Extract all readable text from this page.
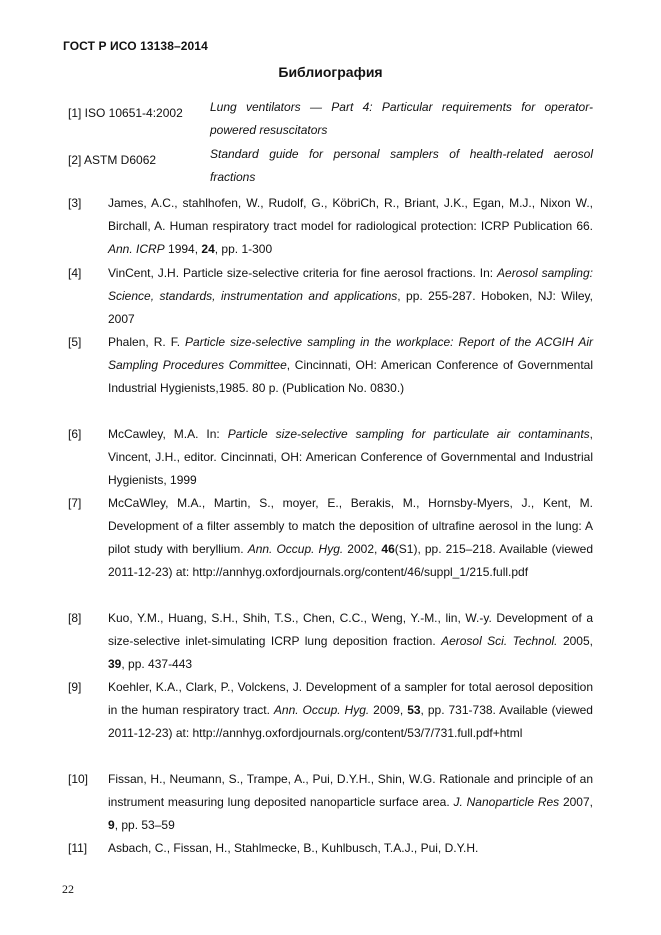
ГОСТ Р ИСО 13138–2014
Библиография
[1] ISO 10651-4:2002 Lung ventilators — Part 4: Particular requirements for operator-
powered resuscitators
[2] ASTM D6062	Standard guide for personal samplers of health-related aerosol
fractions
[3] James, A.C., stahlhofen, W., Rudolf, G., KöbriCh, R., Briant, J.K., Egan, M.J., Nixon W., Birchall, A. Human respiratory tract model for radiological protection: ICRP Publication 66. Ann. ICRP 1994, 24, pp. 1-300
[4] VinCent, J.H. Particle size-selective criteria for fine aerosol fractions. In: Aerosol sampling: Science, standards, instrumentation and applications, pp. 255-287. Hoboken, NJ: Wiley, 2007
[5] Phalen, R. F. Particle size-selective sampling in the workplace: Report of the ACGIH Air Sampling Procedures Committee, Cincinnati, OH: American Conference of Governmental Industrial Hygienists,1985. 80 p. (Publication No. 0830.)
[6] McCawley, M.A. In: Particle size-selective sampling for particulate air contaminants, Vincent, J.H., editor. Cincinnati, OH: American Conference of Governmental and Industrial Hygienists, 1999
[7] McCaWley, M.A., Martin, S., moyer, E., Berakis, M., Hornsby-Myers, J., Kent, M. Development of a filter assembly to match the deposition of ultrafine aerosol in the lung: A pilot study with beryllium. Ann. Occup. Hyg. 2002, 46(S1), pp. 215–218. Available (viewed 2011-12-23) at: http://annhyg.oxfordjournals.org/content/46/suppl_1/215.full.pdf
[8] Kuo, Y.M., Huang, S.H., Shih, T.S., Chen, C.C., Weng, Y.-M., lin, W.-y. Development of a size-selective inlet-simulating ICRP lung deposition fraction. Aerosol Sci. Technol. 2005, 39, pp. 437-443
[9] Koehler, K.A., Clark, P., Volckens, J. Development of a sampler for total aerosol deposition in the human respiratory tract. Ann. Occup. Hyg. 2009, 53, pp. 731-738. Available (viewed 2011-12-23) at: http://annhyg.oxfordjournals.org/content/53/7/731.full.pdf+html
[10] Fissan, H., Neumann, S., Trampe, A., Pui, D.Y.H., Shin, W.G. Rationale and principle of an instrument measuring lung deposited nanoparticle surface area. J. Nanoparticle Res 2007, 9, pp. 53–59
[11] Asbach, C., Fissan, H., Stahlmecke, B., Kuhlbusch, T.A.J., Pui, D.Y.H.
22
